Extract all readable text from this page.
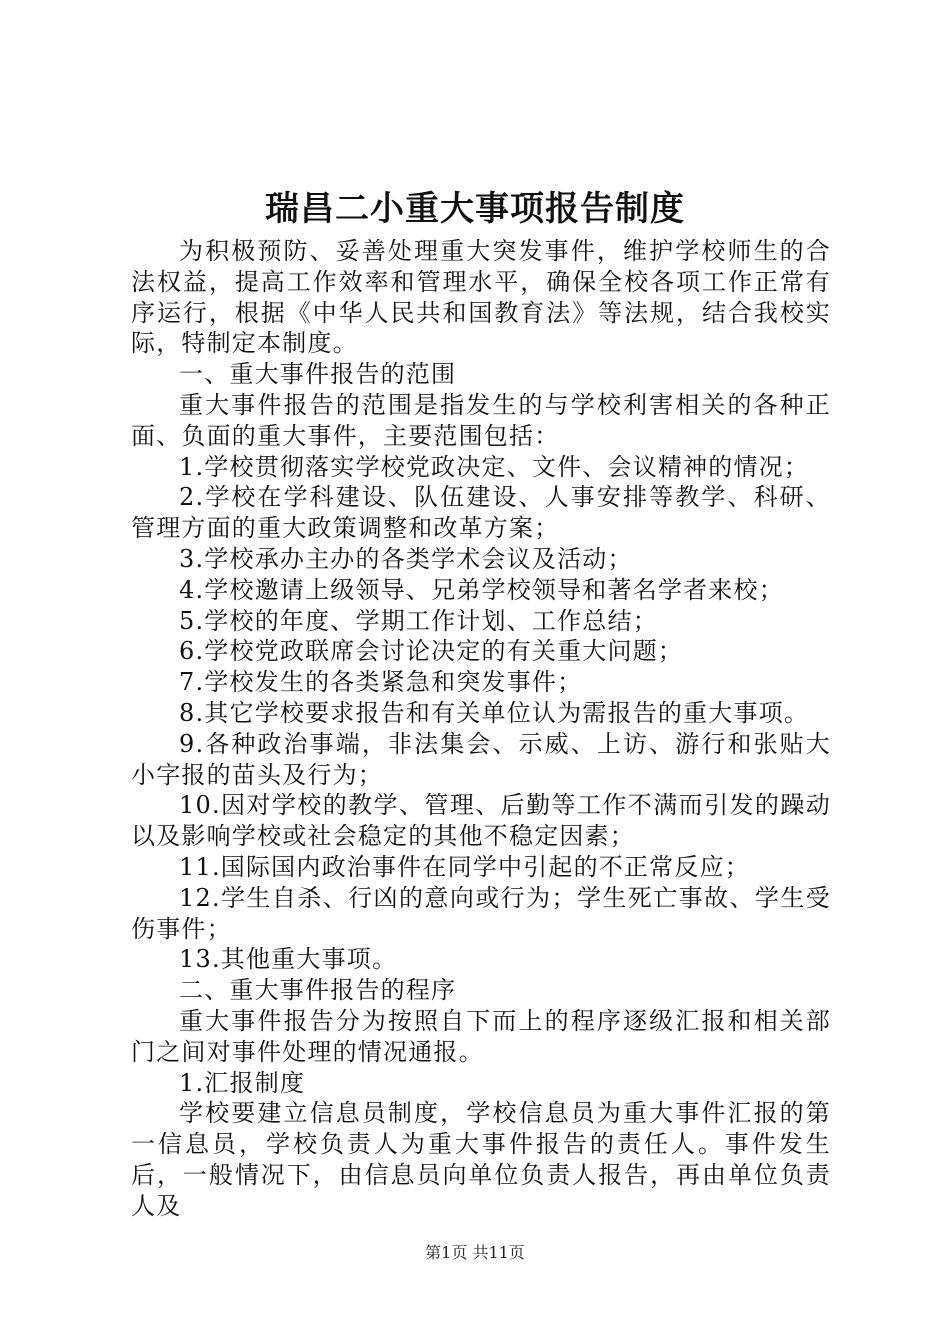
瑞昌二小重大事项报告制度

为积极预防、妥善处理重大突发事件，维护学校师生的合法权益，提高工作效率和管理水平，确保全校各项工作正常有序运行，根据《中华人民共和国教育法》等法规，结合我校实际，特制定本制度。

一、重大事件报告的范围

重大事件报告的范围是指发生的与学校利害相关的各种正面、负面的重大事件，主要范围包括：

1.学校贯彻落实学校党政决定、文件、会议精神的情况；

2.学校在学科建设、队伍建设、人事安排等教学、科研、管理方面的重大政策调整和改革方案；

3.学校承办主办的各类学术会议及活动；

4.学校邀请上级领导、兄弟学校领导和著名学者来校；

5.学校的年度、学期工作计划、工作总结；

6.学校党政联席会讨论决定的有关重大问题；

7.学校发生的各类紧急和突发事件；

8.其它学校要求报告和有关单位认为需报告的重大事项。

9.各种政治事端，非法集会、示威、上访、游行和张贴大小字报的苗头及行为；

10.因对学校的教学、管理、后勤等工作不满而引发的躁动以及影响学校或社会稳定的其他不稳定因素；

11.国际国内政治事件在同学中引起的不正常反应；

12.学生自杀、行凶的意向或行为；学生死亡事故、学生受伤事件；

13.其他重大事项。

二、重大事件报告的程序

重大事件报告分为按照自下而上的程序逐级汇报和相关部门之间对事件处理的情况通报。

1.汇报制度

学校要建立信息员制度，学校信息员为重大事件汇报的第一信息员，学校负责人为重大事件报告的责任人。事件发生后，一般情况下，由信息员向单位负责人报告，再由单位负责人及

第1页 共11页
